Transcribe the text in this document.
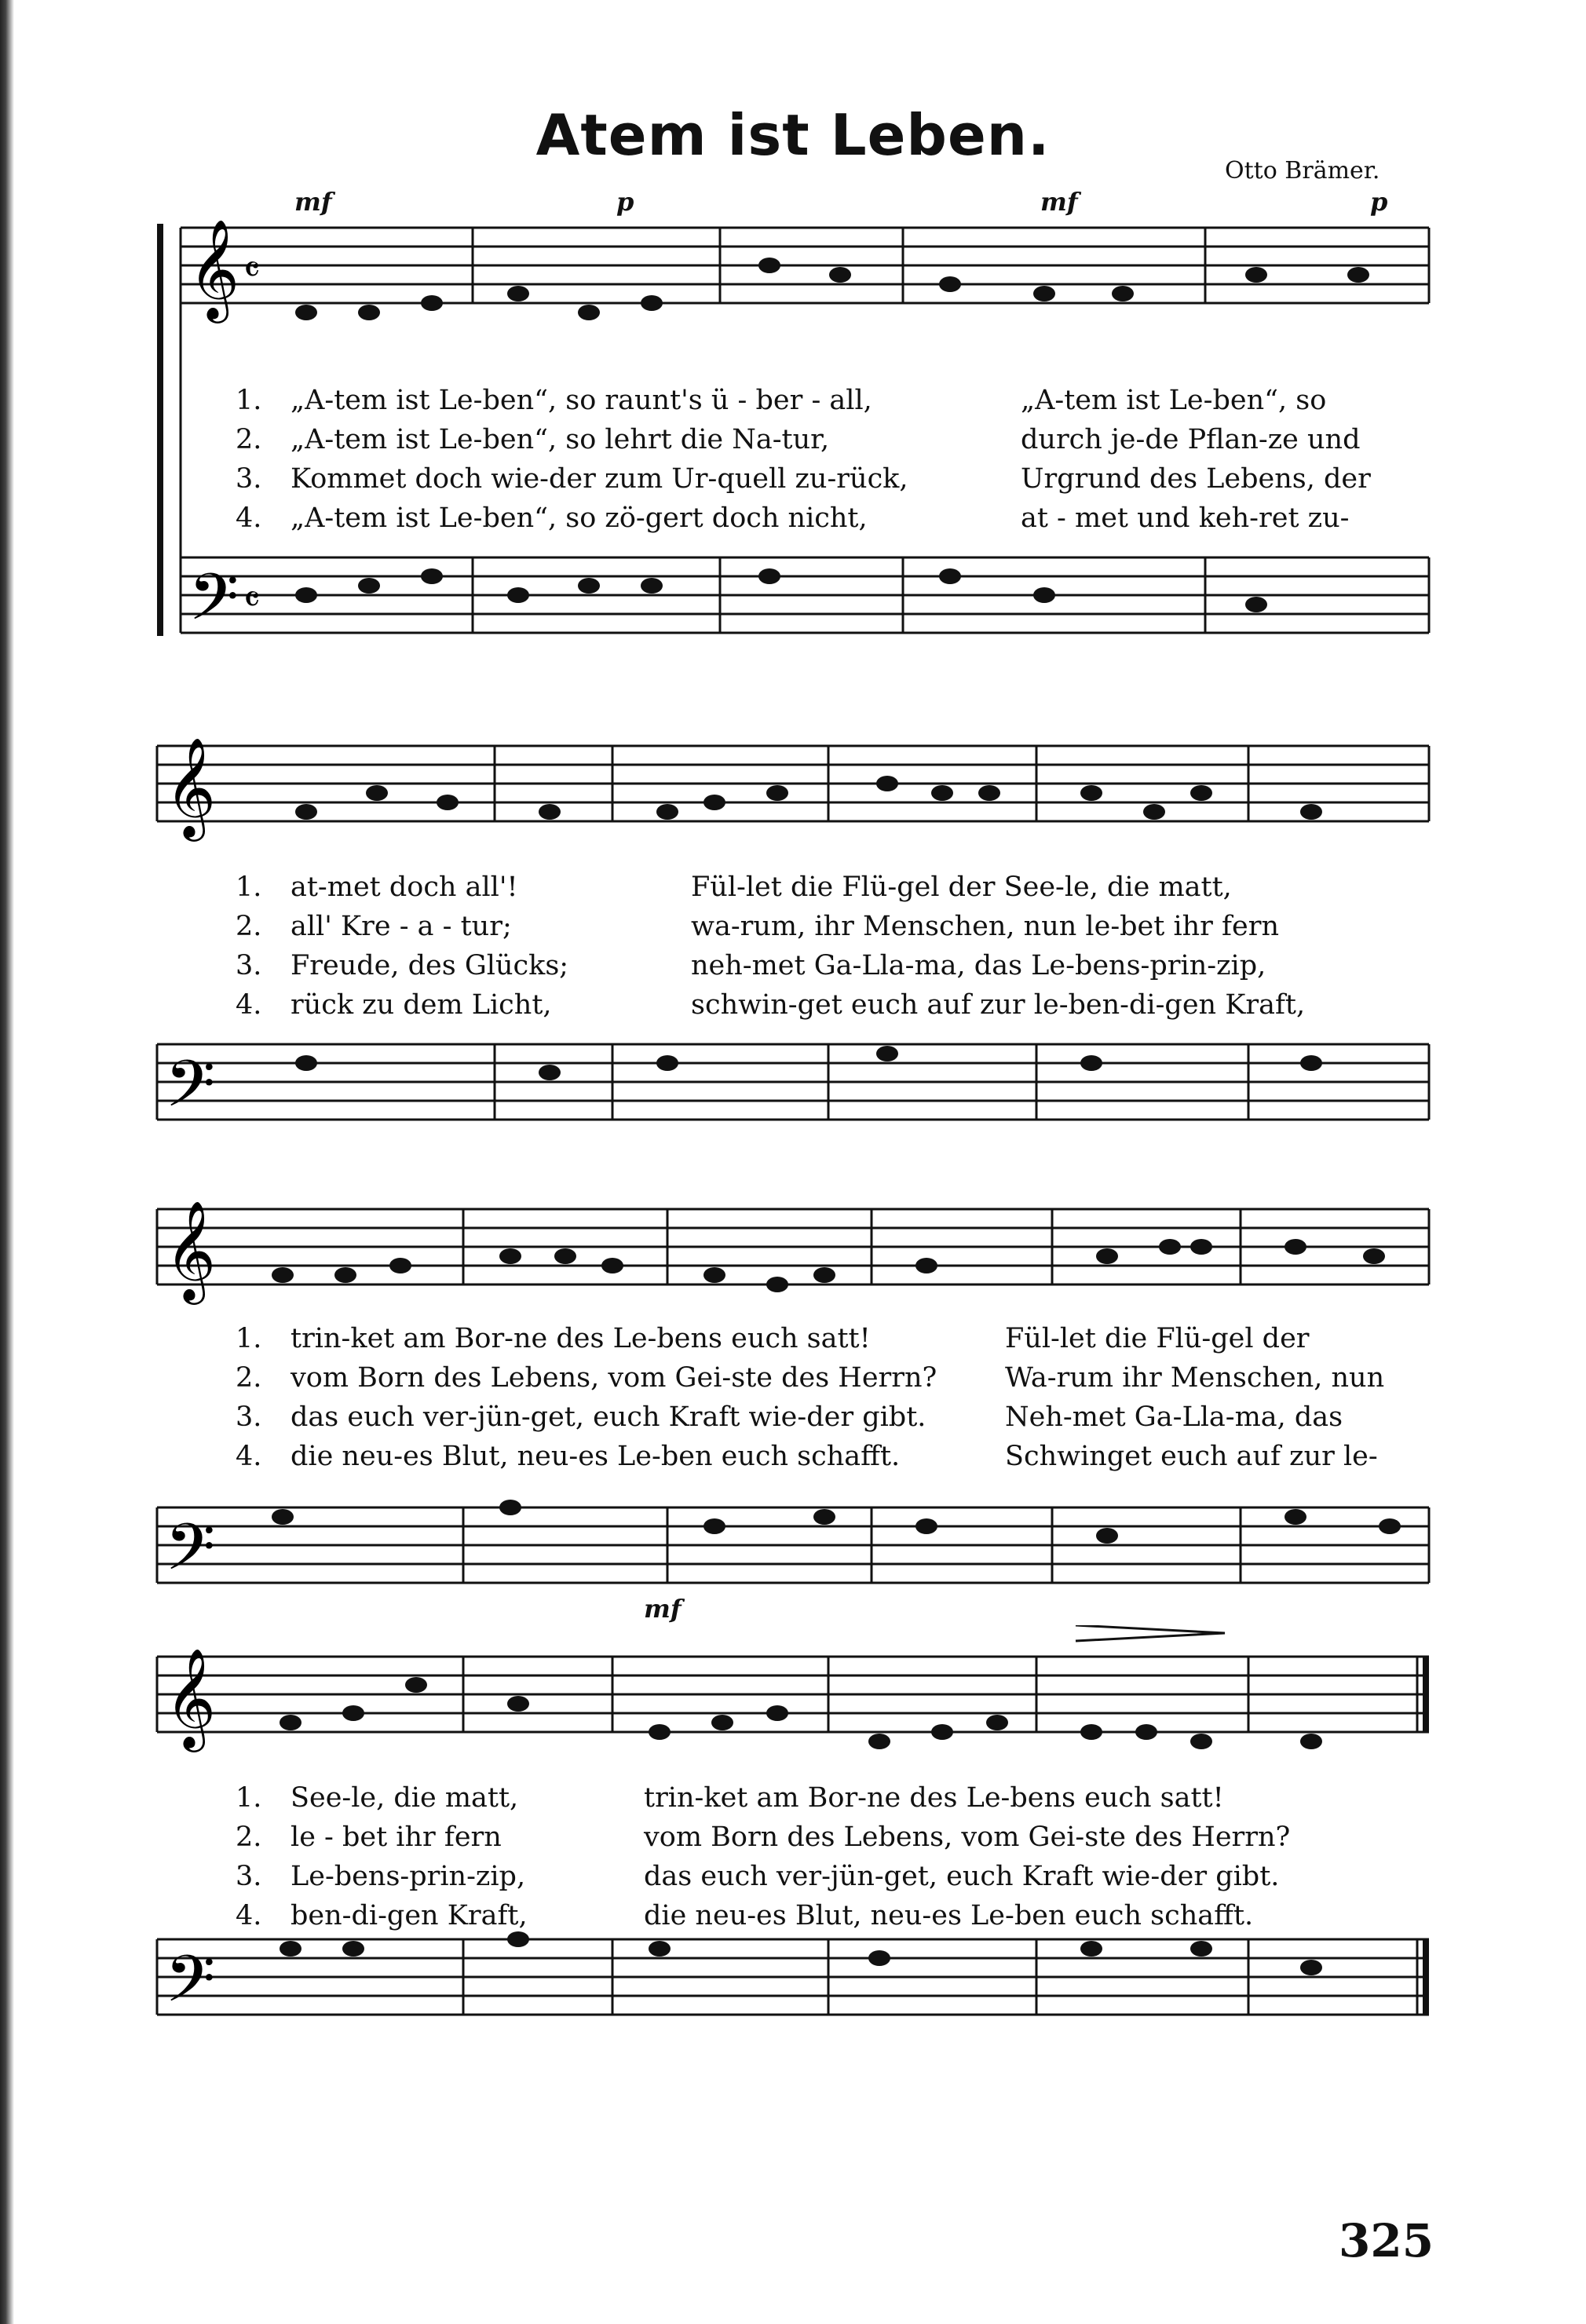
Atem ist Leben.
Otto Brämer.
mf	p	mf	p
𝄞
𝄢
𝄴
𝄴
1.	„A-tem ist Le-ben“, so raunt's ü - ber - all,	„A-tem ist Le-ben“, so
2.	„A-tem ist Le-ben“, so lehrt die Na-tur,	durch je-de Pflan-ze und
3.	Kommet doch wie-der zum Ur-quell zu-rück,	Urgrund des Lebens, der
4.	„A-tem ist Le-ben“, so zö-gert doch nicht,	at - met und keh-ret zu-
𝄞
𝄢
1.	at-met doch all'!	Fül-let die Flü-gel der See-le, die matt,
2.	all' Kre - a - tur;	wa-rum, ihr Menschen, nun le-bet ihr fern
3.	Freude, des Glücks;	neh-met Ga-Lla-ma, das Le-bens-prin-zip,
4.	rück zu dem Licht,	schwin-get euch auf zur le-ben-di-gen Kraft,
𝄞
𝄢
1.	trin-ket am Bor-ne des Le-bens euch satt!	Fül-let die Flü-gel der
2.	vom Born des Lebens, vom Gei-ste des Herrn?	Wa-rum ihr Menschen, nun
3.	das euch ver-jün-get, euch Kraft wie-der gibt.	Neh-met Ga-Lla-ma, das
4.	die neu-es Blut, neu-es Le-ben euch schafft.	Schwinget euch auf zur le-
mf
𝄞
𝄢
1.	See-le, die matt,	trin-ket am Bor-ne des Le-bens euch satt!
2.	le - bet ihr fern	vom Born des Lebens, vom Gei-ste des Herrn?
3.	Le-bens-prin-zip,	das euch ver-jün-get, euch Kraft wie-der gibt.
4.	ben-di-gen Kraft,	die neu-es Blut, neu-es Le-ben euch schafft.
325
